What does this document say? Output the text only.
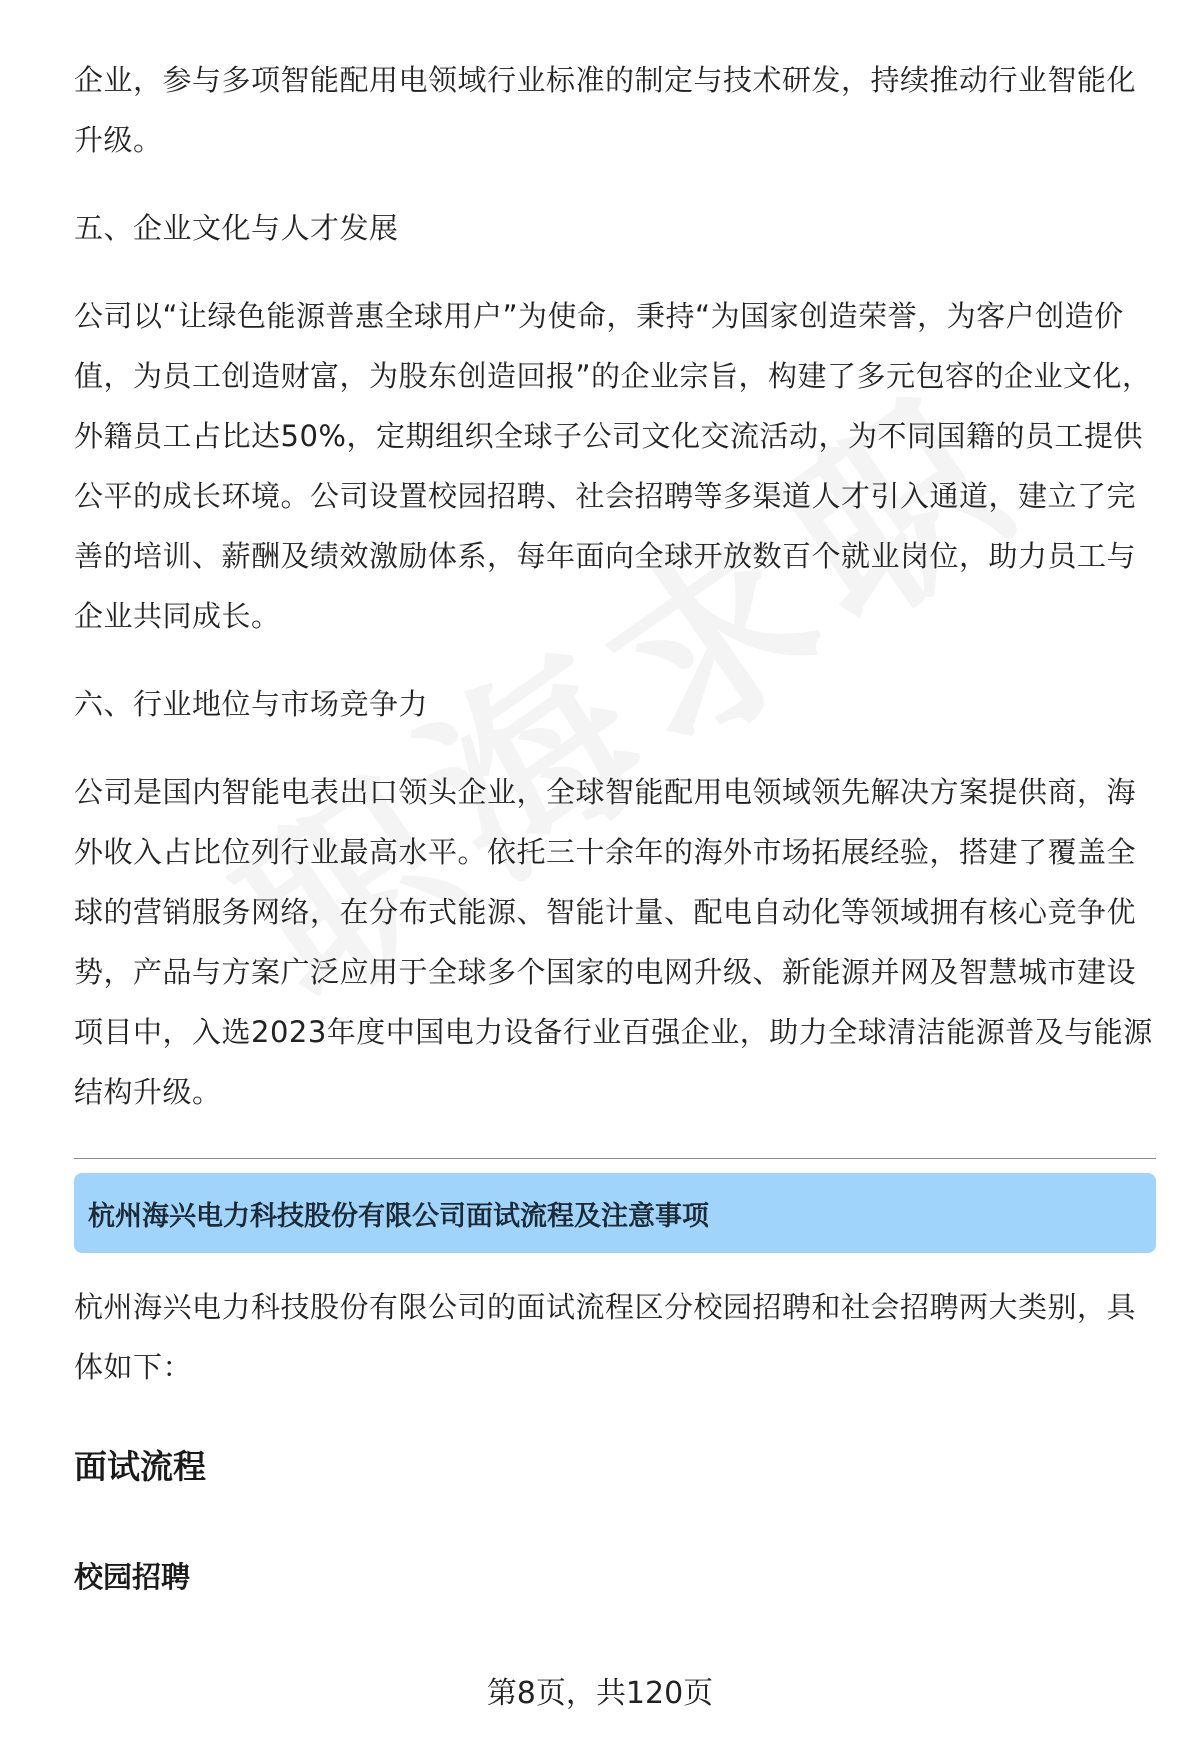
企业，参与多项智能配用电领域行业标准的制定与技术研发，持续推动行业智能化升级。

五、企业文化与人才发展

公司以“让绿色能源普惠全球用户”为使命，秉持“为国家创造荣誉，为客户创造价值，为员工创造财富，为股东创造回报”的企业宗旨，构建了多元包容的企业文化，外籍员工占比达50%，定期组织全球子公司文化交流活动，为不同国籍的员工提供公平的成长环境。公司设置校园招聘、社会招聘等多渠道人才引入通道，建立了完善的培训、薪酬及绩效激励体系，每年面向全球开放数百个就业岗位，助力员工与企业共同成长。

六、行业地位与市场竞争力

公司是国内智能电表出口领头企业，全球智能配用电领域领先解决方案提供商，海外收入占比位列行业最高水平。依托三十余年的海外市场拓展经验，搭建了覆盖全球的营销服务网络，在分布式能源、智能计量、配电自动化等领域拥有核心竞争优势，产品与方案广泛应用于全球多个国家的电网升级、新能源并网及智慧城市建设项目中，入选2023年度中国电力设备行业百强企业，助力全球清洁能源普及与能源结构升级。

杭州海兴电力科技股份有限公司面试流程及注意事项

杭州海兴电力科技股份有限公司的面试流程区分校园招聘和社会招聘两大类别，具体如下：

面试流程
校园招聘
第8页，共120页
